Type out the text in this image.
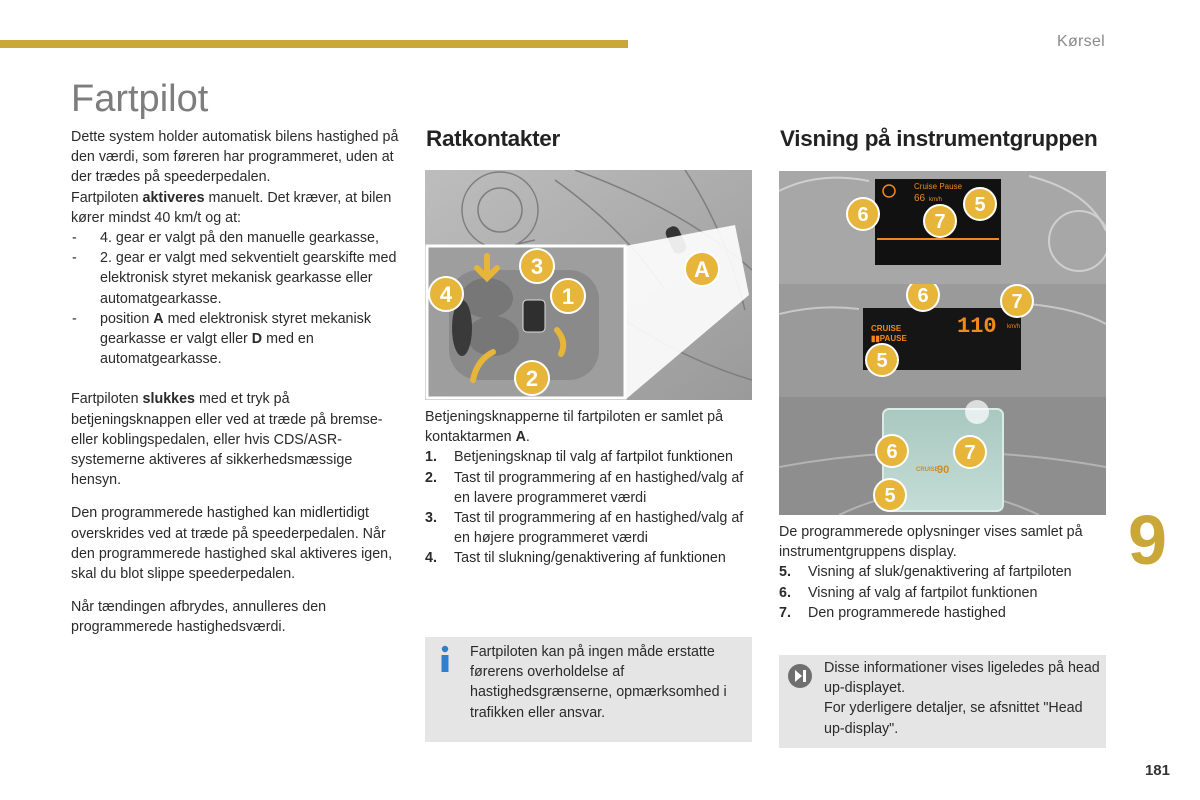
Kørsel
Fartpilot

Dette system holder automatisk bilens hastighed på den værdi, som føreren har programmeret, uden at der trædes på speederpedalen.

Fartpiloten aktiveres manuelt. Det kræver, at bilen kører mindst 40 km/t og at:

- 4. gear er valgt på den manuelle gearkasse,
- 2. gear er valgt med sekventielt gearskifte med elektronisk styret mekanisk gearkasse eller automatgearkasse.
- position A med elektronisk styret mekanisk gearkasse er valgt eller D med en automatgearkasse.

Fartpiloten slukkes med et tryk på betjeningsknappen eller ved at træde på bremse- eller koblingspedalen, eller hvis CDS/ASR-systemerne aktiveres af sikkerhedsmæssige hensyn.

Den programmerede hastighed kan midlertidigt overskrides ved at træde på speederpedalen. Når den programmerede hastighed skal aktiveres igen, skal du blot slippe speederpedalen.

Når tændingen afbrydes, annulleres den programmerede hastighedsværdi.

Ratkontakter
A
3
1
4
2

Betjeningsknapperne til fartpiloten er samlet på kontaktarmen A.

1.	Betjeningsknap til valg af fartpilot funktionen
2.	Tast til programmering af en hastighed/valg af en lavere programmeret værdi
3.	Tast til programmering af en hastighed/valg af en højere programmeret værdi
4.	Tast til slukning/genaktivering af funktionen

Fartpiloten kan på ingen måde erstatte førerens overholdelse af hastighedsgrænserne, opmærksomhed i trafikken eller ansvar.

Visning på instrumentgruppen
Cruise Pause
66 km/h
6	7
5
CRUISE
▮▮PAUSE 110 km/h
6	7
5
CRUISE
90
6	7
5

De programmerede oplysninger vises samlet på instrumentgruppens display.

5.	Visning af sluk/genaktivering af fartpiloten
6.	Visning af valg af fartpilot funktionen
7.	Den programmerede hastighed

Disse informationer vises ligeledes på head up-displayet.

For yderligere detaljer, se afsnittet "Head up-display".

9
181
